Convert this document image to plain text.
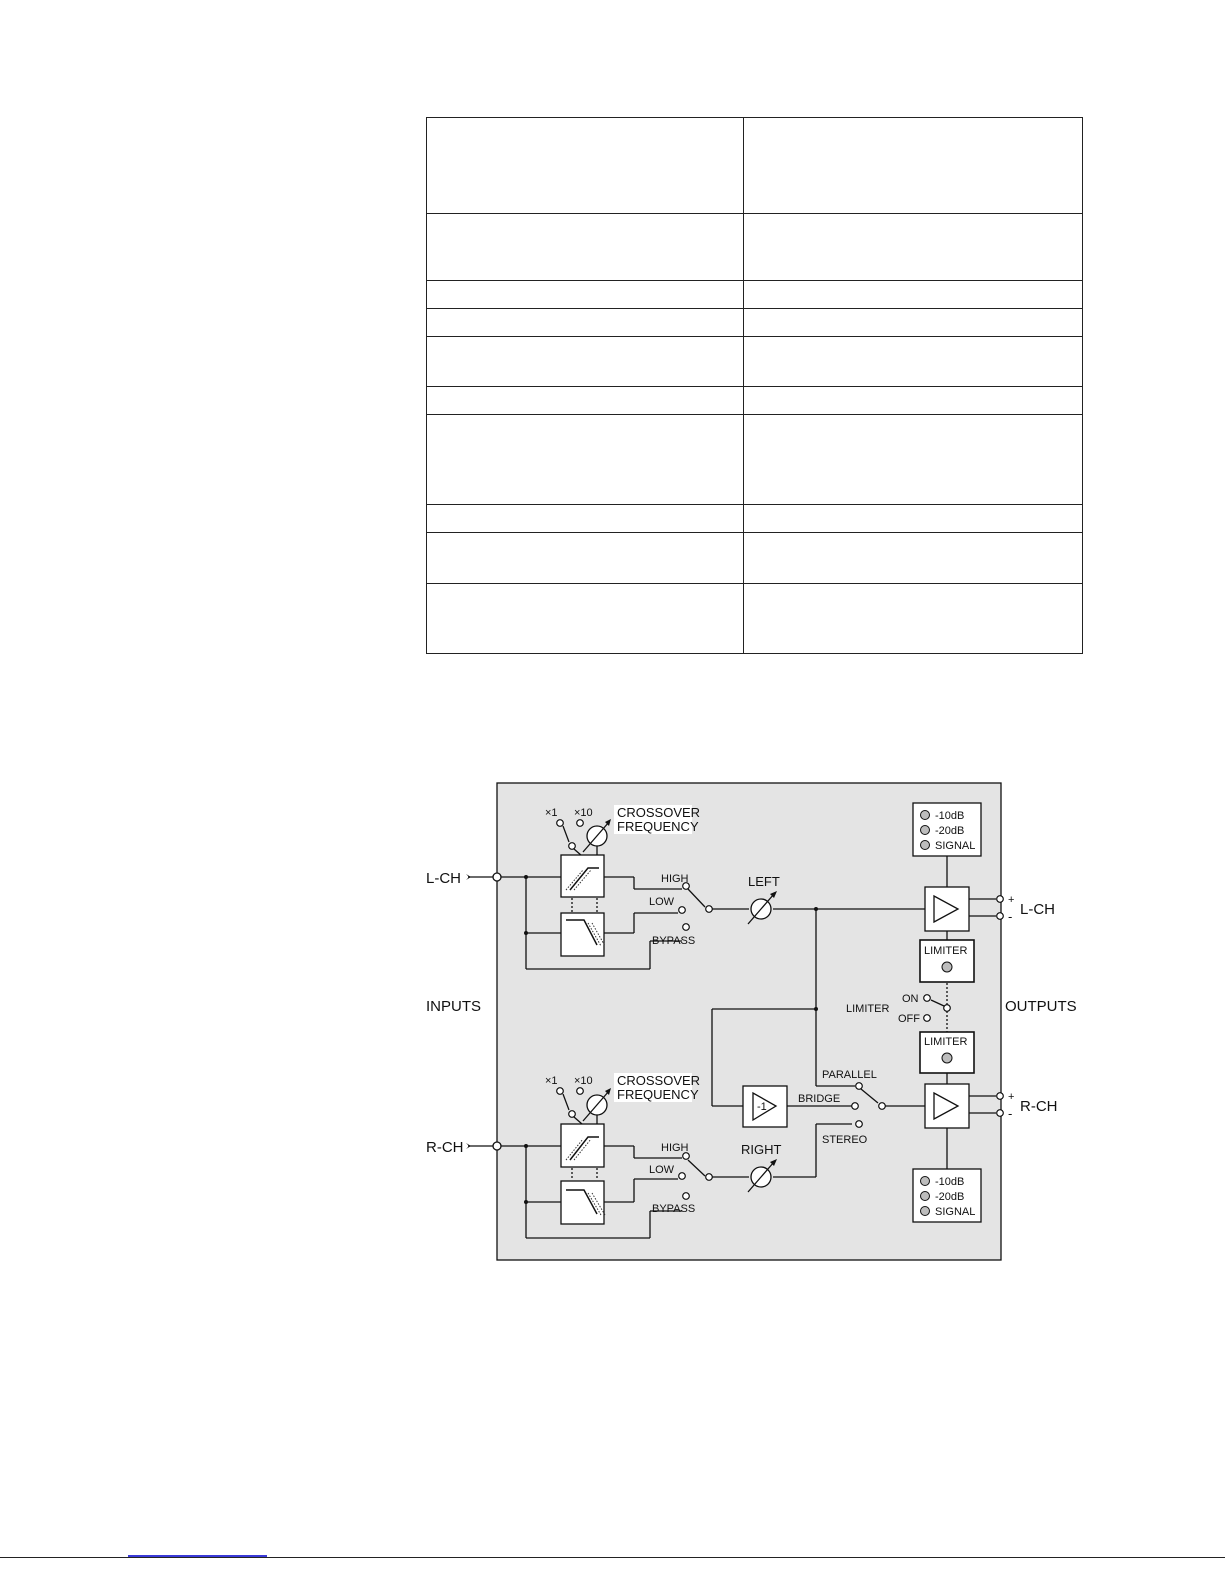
INPUTS	OUTPUTS
L-CH
×1 ×10 CROSSOVER
FREQUENCY
HIGH
LOW
BYPASS
LEFT
R-CH
×1 ×10 CROSSOVER
FREQUENCY
HIGH
LOW
BYPASS
RIGHT
-1
PARALLEL
BRIDGE
STEREO
-10dB
-20dB
SIGNAL
-10dB
-20dB
SIGNAL
LIMITER
LIMITER
LIMITER
ON
OFF
+
- L-CH
+
- R-CH
